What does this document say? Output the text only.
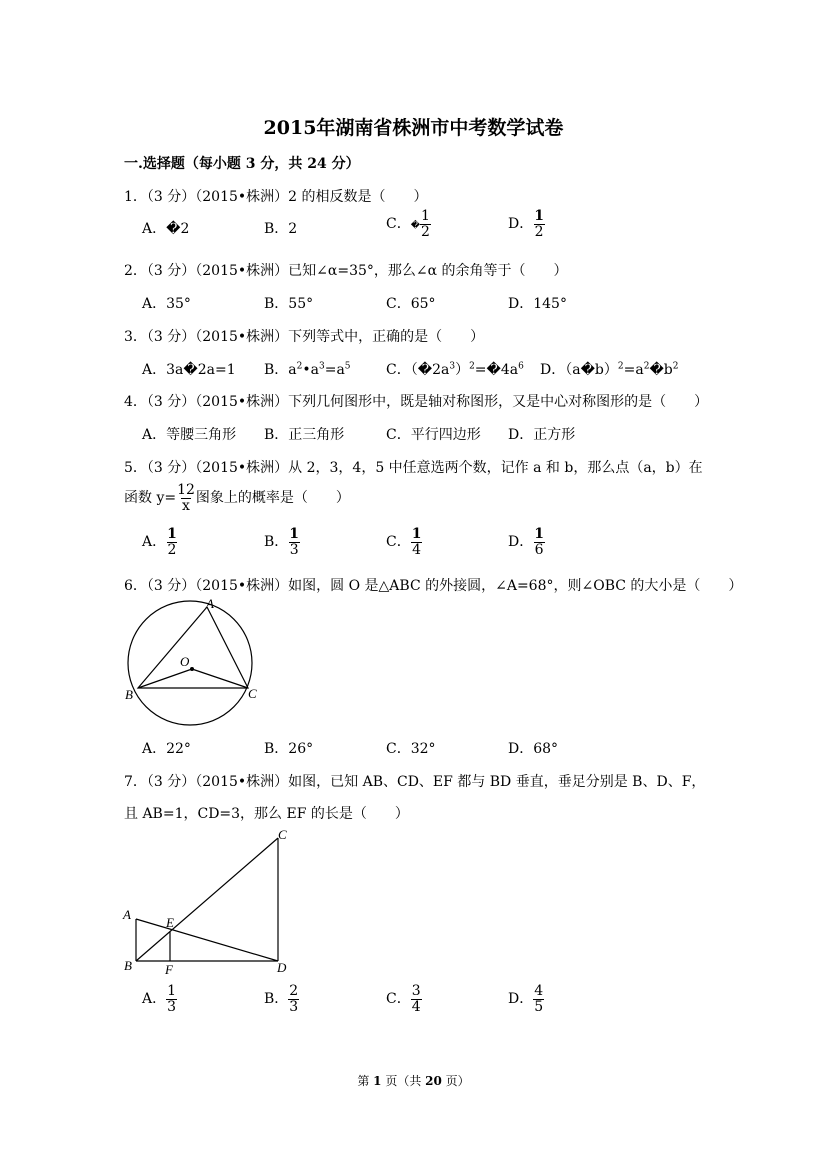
2015年湖南省株洲市中考数学试卷
一.选择题（每小题 3 分，共 24 分）
1．（3 分）（2015•株洲）2 的相反数是（　　）
A．�2	B．2	C．� $\frac{1}{2}$	D． $\frac{1}{2}$
2．（3 分）（2015•株洲）已知∠α=35°，那么∠α 的余角等于（　　）
A．35°	B．55°	C．65°	D．145°
3．（3 分）（2015•株洲）下列等式中，正确的是（　　）
A．3a�2a=1 B．$a^2•a^3=a^5$	C．$(�2a^3)^2=�4a^6$ D．$(a�b)^2=a^2�b^2$
4．（3 分）（2015•株洲）下列几何图形中，既是轴对称图形，又是中心对称图形的是（　　）
A．等腰三角形 B．正三角形	C．平行四边形 D．正方形
5．（3 分）（2015•株洲）从 2，3，4，5 中任意选两个数，记作 a 和 b，那么点（a，b）在
函数 $y= \frac{12}{x}$ 图象上的概率是（　　）
A． $\frac{1}{2}$	B． $\frac{1}{3}$	C． $\frac{1}{4}$	D． $\frac{1}{6}$
6．（3 分）（2015•株洲）如图，圆 O 是△ABC 的外接圆，∠A=68°，则∠OBC 的大小是（　　）
A
B	C
O
A．22°	B．26°	C．32°	D．68°
7．（3 分）（2015•株洲）如图，已知 AB、CD、EF 都与 BD 垂直，垂足分别是 B、D、F，
且 AB=1，CD=3，那么 EF 的长是（　　）
A
B
C
D
E
F
A． $\frac{1}{3}$	B． $\frac{2}{3}$	C． $\frac{3}{4}$	D． $\frac{4}{5}$
第 1 页（共 20 页）
